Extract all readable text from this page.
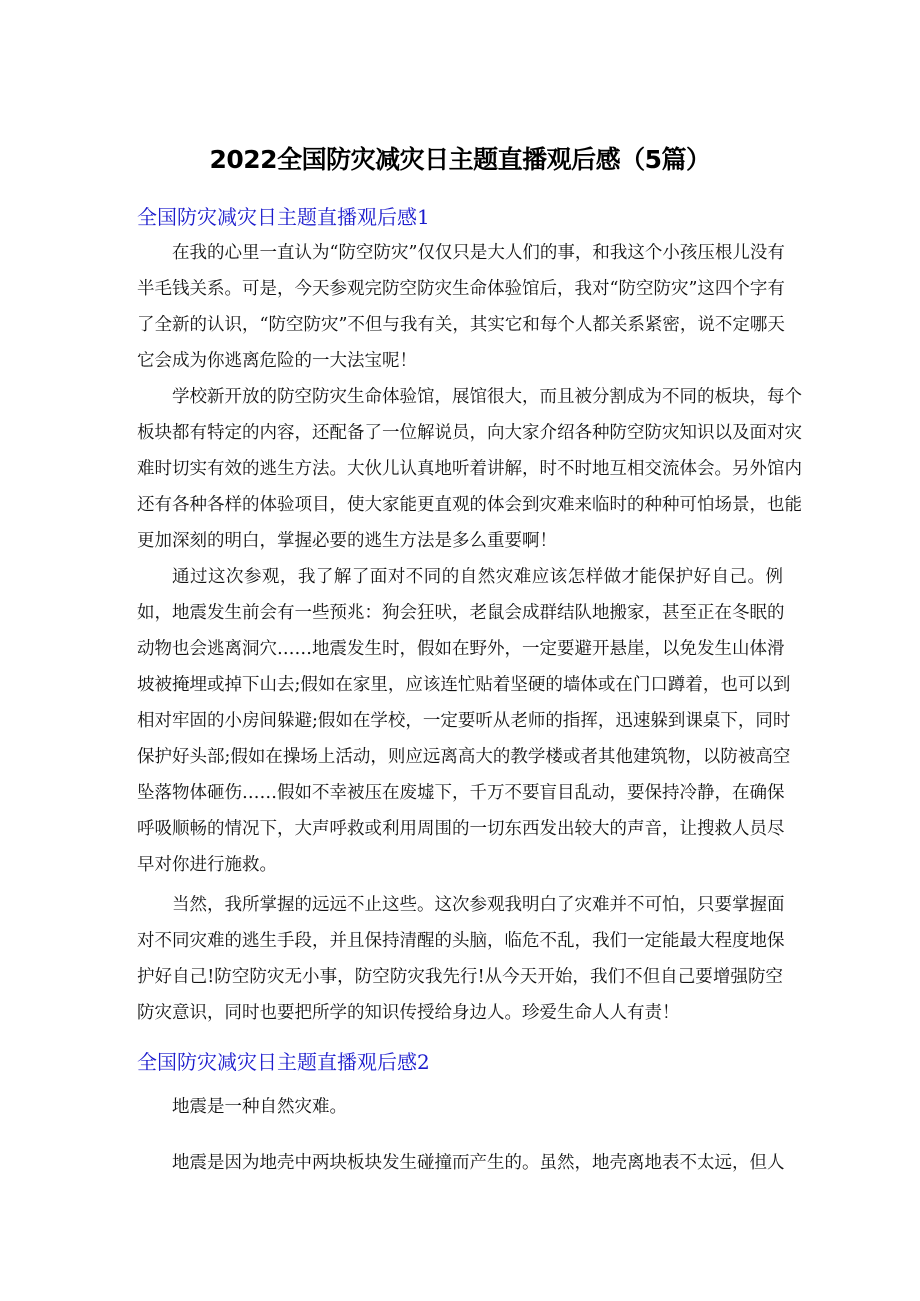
2022全国防灾减灾日主题直播观后感（5篇）
全国防灾减灾日主题直播观后感1
在我的心里一直认为“防空防灾”仅仅只是大人们的事，和我这个小孩压根儿没有
半毛钱关系。可是，今天参观完防空防灾生命体验馆后，我对“防空防灾”这四个字有
了全新的认识，“防空防灾”不但与我有关，其实它和每个人都关系紧密，说不定哪天
它会成为你逃离危险的一大法宝呢！
学校新开放的防空防灾生命体验馆，展馆很大，而且被分割成为不同的板块，每个
板块都有特定的内容，还配备了一位解说员，向大家介绍各种防空防灾知识以及面对灾
难时切实有效的逃生方法。大伙儿认真地听着讲解，时不时地互相交流体会。另外馆内
还有各种各样的体验项目，使大家能更直观的体会到灾难来临时的种种可怕场景，也能
更加深刻的明白，掌握必要的逃生方法是多么重要啊！
通过这次参观，我了解了面对不同的自然灾难应该怎样做才能保护好自己。例
如，地震发生前会有一些预兆：狗会狂吠，老鼠会成群结队地搬家，甚至正在冬眠的
动物也会逃离洞穴……地震发生时，假如在野外，一定要避开悬崖，以免发生山体滑
坡被掩埋或掉下山去;假如在家里，应该连忙贴着坚硬的墙体或在门口蹲着，也可以到
相对牢固的小房间躲避;假如在学校，一定要听从老师的指挥，迅速躲到课桌下，同时
保护好头部;假如在操场上活动，则应远离高大的教学楼或者其他建筑物，以防被高空
坠落物体砸伤……假如不幸被压在废墟下，千万不要盲目乱动，要保持冷静，在确保
呼吸顺畅的情况下，大声呼救或利用周围的一切东西发出较大的声音，让搜救人员尽
早对你进行施救。
当然，我所掌握的远远不止这些。这次参观我明白了灾难并不可怕，只要掌握面
对不同灾难的逃生手段，并且保持清醒的头脑，临危不乱，我们一定能最大程度地保
护好自己!防空防灾无小事，防空防灾我先行!从今天开始，我们不但自己要增强防空
防灾意识，同时也要把所学的知识传授给身边人。珍爱生命人人有责！
全国防灾减灾日主题直播观后感2
地震是一种自然灾难。
地震是因为地壳中两块板块发生碰撞而产生的。虽然，地壳离地表不太远，但人
